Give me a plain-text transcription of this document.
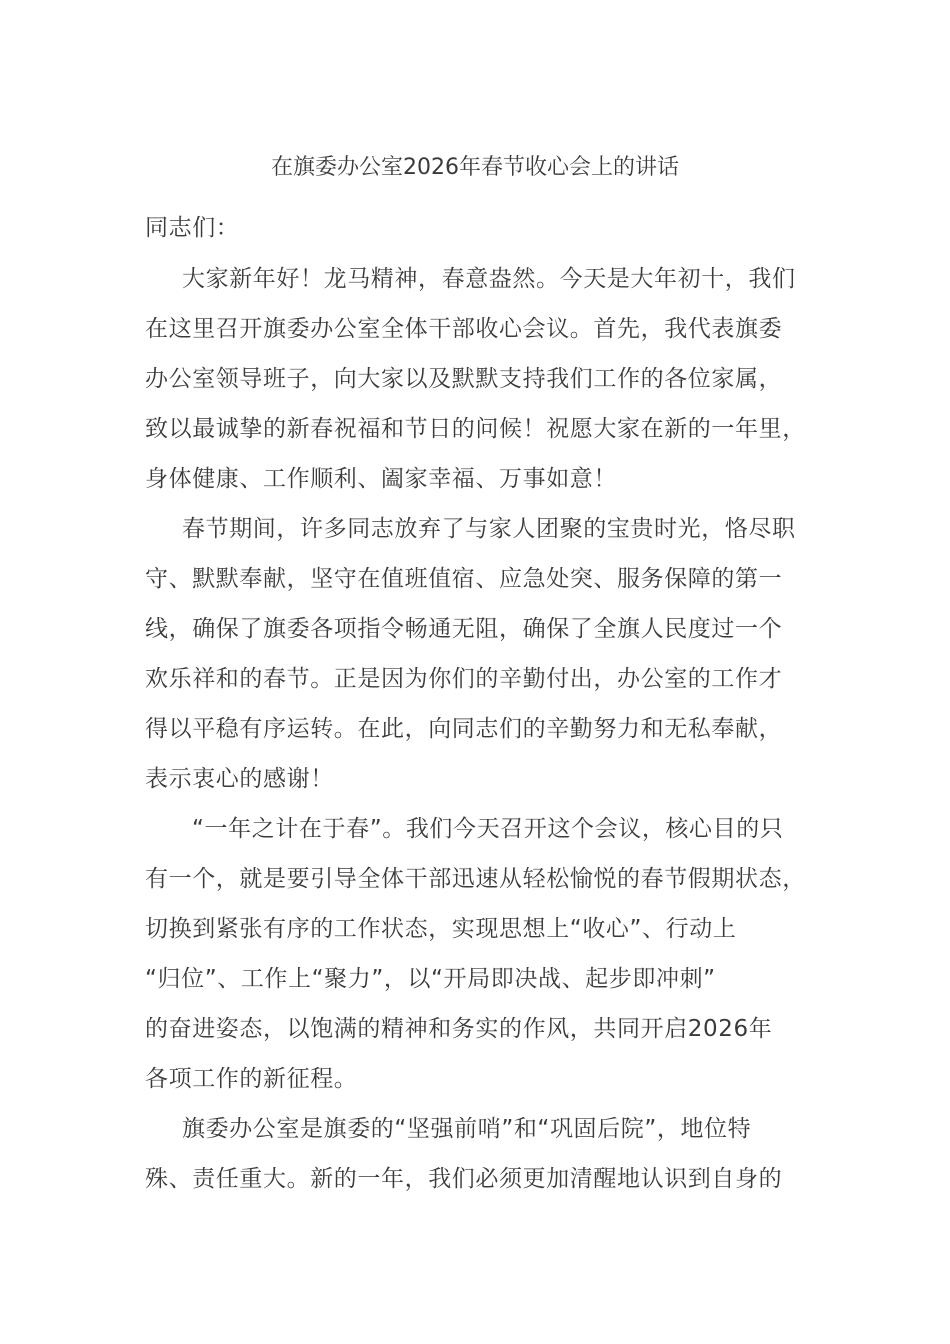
在旗委办公室2026年春节收心会上的讲话
同志们：
大家新年好！龙马精神，春意盎然。今天是大年初十，我们
在这里召开旗委办公室全体干部收心会议。首先，我代表旗委
办公室领导班子，向大家以及默默支持我们工作的各位家属，
致以最诚挚的新春祝福和节日的问候！祝愿大家在新的一年里，
身体健康、工作顺利、阖家幸福、万事如意！
春节期间，许多同志放弃了与家人团聚的宝贵时光，恪尽职
守、默默奉献，坚守在值班值宿、应急处突、服务保障的第一
线，确保了旗委各项指令畅通无阻，确保了全旗人民度过一个
欢乐祥和的春节。正是因为你们的辛勤付出，办公室的工作才
得以平稳有序运转。在此，向同志们的辛勤努力和无私奉献，
表示衷心的感谢！
“一年之计在于春”。我们今天召开这个会议，核心目的只
有一个，就是要引导全体干部迅速从轻松愉悦的春节假期状态，
切换到紧张有序的工作状态，实现思想上“收心”、行动上
“归位”、工作上“聚力”，以“开局即决战、起步即冲刺”
的奋进姿态，以饱满的精神和务实的作风，共同开启2026年
各项工作的新征程。
旗委办公室是旗委的“坚强前哨”和“巩固后院”，地位特
殊、责任重大。新的一年，我们必须更加清醒地认识到自身的
